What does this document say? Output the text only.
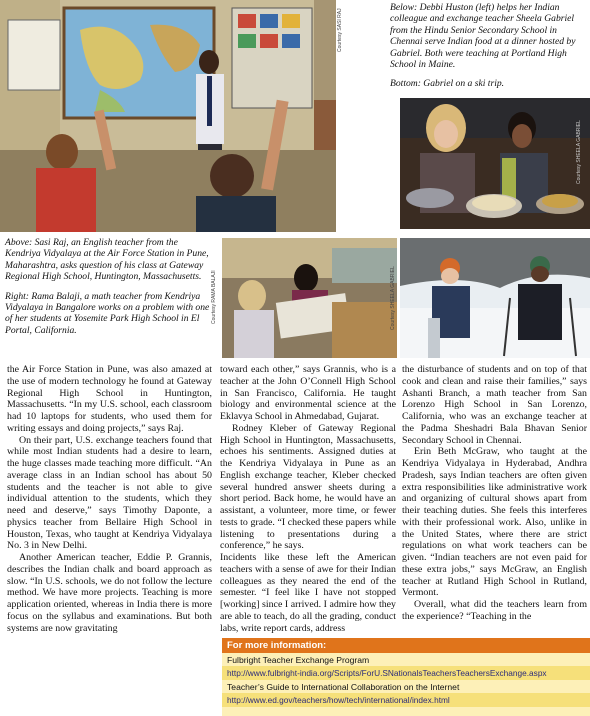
Courtesy SASI RAJ
Courtesy SHEELA GABRIEL
Courtesy RAMA BALAJI	Courtesy SHEELA GABRIEL

Below: Debbi Huston (left) helps her Indian colleague and exchange teacher Sheela Gabriel from the Hindu Senior Secondary School in Chennai serve Indian food at a dinner hosted by Gabriel. Both were teaching at Portland High School in Maine.

Bottom: Gabriel on a ski trip.

Above: Sasi Raj, an English teacher from the Kendriya Vidyalaya at the Air Force Station in Pune, Maharashtra, asks question of his class at Gateway Regional High School, Huntington, Massachusetts.

Right: Rama Balaji, a math teacher from Kendriya Vidyalaya in Bangalore works on a problem with one of her students at Yosemite Park High School in El Portal, California.

the Air Force Station in Pune, was also amazed at the use of modern technology he found at Gateway Regional High School in Huntington, Massachusetts. “In my U.S. school, each classroom had 10 laptops for students, who used them for writing essays and doing projects,” says Raj.

On their part, U.S. exchange teachers found that while most Indian students had a desire to learn, the huge classes made teaching more difficult. “An average class in an Indian school has about 50 students and the teacher is not able to give individual attention to the students, which they need and deserve,” says Timothy Daponte, a physics teacher from Bellaire High School in Houston, Texas, who taught at Kendriya Vidyalaya No. 3 in New Delhi.

Another American teacher, Eddie P. Grannis, describes the Indian chalk and board approach as slow. “In U.S. schools, we do not follow the lecture method. We have more projects. Teaching is more application oriented, whereas in India there is more focus on the syllabus and examinations. But both systems are now gravitating

toward each other,” says Grannis, who is a teacher at the John O’Connell High School in San Francisco, California. He taught biology and environmental science at the Eklavya School in Ahmedabad, Gujarat.

Rodney Kleber of Gateway Regional High School in Huntington, Massachusetts, echoes his sentiments. Assigned duties at the Kendriya Vidyalaya in Pune as an English exchange teacher, Kleber checked several hundred answer sheets during a short period. Back home, he would have an assistant, a volunteer, more time, or fewer tests to grade. “I checked these papers while listening to presentations during a conference,” he says.

Incidents like these left the American teachers with a sense of awe for their Indian colleagues as they neared the end of the semester. “I feel like I have not stopped [working] since I arrived. I admire how they are able to teach, do all the grading, conduct labs, write report cards, address

the disturbance of students and on top of that cook and clean and raise their families,” says Ashanti Branch, a math teacher from San Lorenzo High School in San Lorenzo, California, who was an exchange teacher at the Padma Sheshadri Bala Bhavan Senior Secondary School in Chennai.

Erin Beth McGraw, who taught at the Kendriya Vidyalaya in Hyderabad, Andhra Pradesh, says Indian teachers are often given extra responsibilities like administrative work and organizing of cultural shows apart from their teaching duties. She feels this interferes with their professional work. Also, unlike in the United States, where there are strict regulations on what work teachers can be given. “Indian teachers are not even paid for these extra jobs,” says McGraw, an English teacher at Rutland High School in Rutland, Vermont.

Overall, what did the teachers learn from the experience? “Teaching in the

For more information:
Fulbright Teacher Exchange Program
http://www.fulbright-india.org/Scripts/ForU.SNationalsTeachersTeachersExchange.aspx
Teacher’s Guide to International Collaboration on the Internet
http://www.ed.gov/teachers/how/tech/international/index.html
